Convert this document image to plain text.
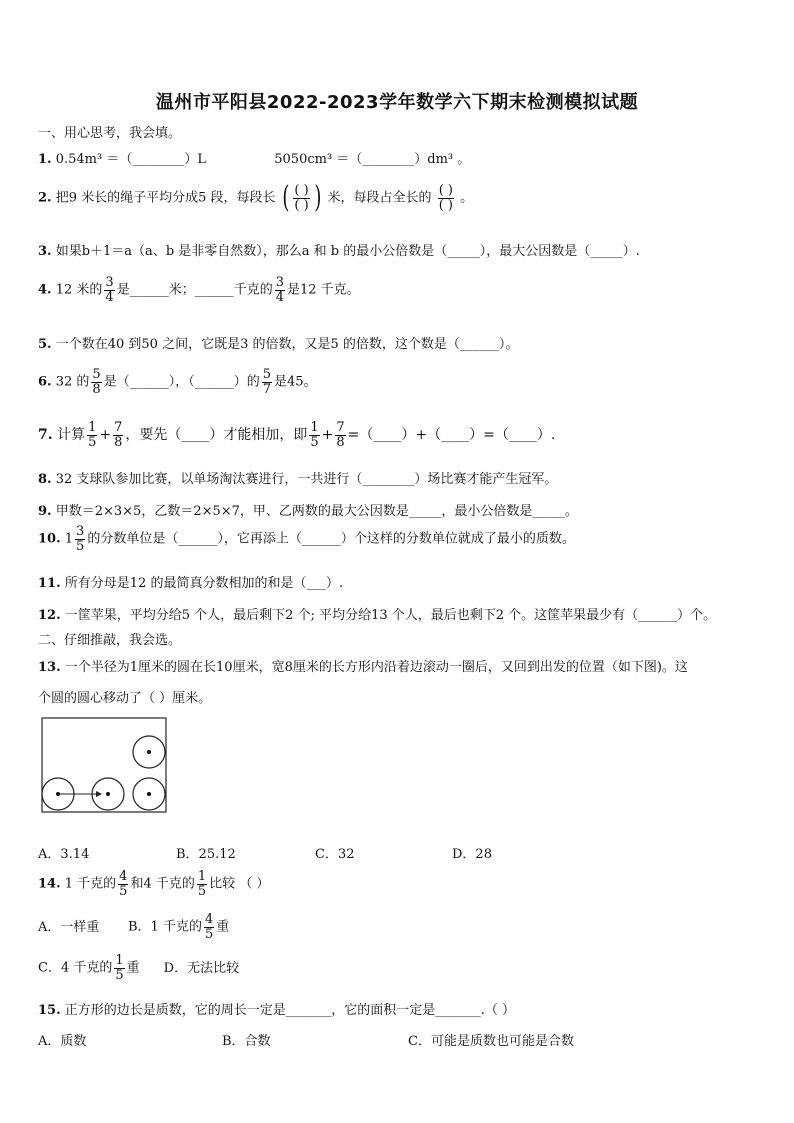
温州市平阳县2022-2023学年数学六下期末检测模拟试题
一、用心思考，我会填。
1. 0.54m³ ＝（________）L	5050cm³ ＝（________）dm³ 。
2. 把9 米长的绳子平均分成5 段，每段长 ( $\frac{( )}{( )}$ ) 米，每段占全长的 $\frac{( )}{( )}$ 。
3. 如果b＋1＝a（a、b 是非零自然数），那么a 和 b 的最小公倍数是（_____），最大公因数是（_____）.
4. 12 米的 $\frac{3}{4}$ 是______米；______千克的 $\frac{3}{4}$ 是12 千克。
5. 一个数在40 到50 之间，它既是3 的倍数，又是5 的倍数，这个数是（______）。
6. 32 的 $\frac{5}{8}$ 是（______），（______）的 $\frac{5}{7}$ 是45。
7. 计算 $\frac{1}{5} + \frac{7}{8}$ ，要先（____）才能相加，即 $\frac{1}{5} + \frac{7}{8}$ =（____）+（____）=（____）.
8. 32 支球队参加比赛，以单场淘汰赛进行，一共进行（________）场比赛才能产生冠军。
9. 甲数＝2×3×5，乙数＝2×5×7，甲、乙两数的最大公因数是_____，最小公倍数是_____。
10. $1 \frac{3}{5}$ 的分数单位是（______），它再添上（______）个这样的分数单位就成了最小的质数。
11. 所有分母是12 的最简真分数相加的和是（___）.
12. 一筐苹果，平均分给5 个人，最后剩下2 个; 平均分给13 个人，最后也剩下2 个。这筐苹果最少有（______）个。
二、仔细推敲，我会选。
13. 一个半径为1厘米的圆在长10厘米，宽8厘米的长方形内沿着边滚动一圈后，又回到出发的位置（如下图)。这
个圆的圆心移动了（ ）厘米。
A．3.14	B．25.12	C．32	D．28
14. 1 千克的 $\frac{4}{5}$ 和4 千克的 $\frac{1}{5}$ 比较 （ ）
A．一样重 B．1 千克的 $\frac{4}{5}$ 重
C．4 千克的 $\frac{1}{5}$ 重 D．无法比较
15. 正方形的边长是质数，它的周长一定是_______，它的面积一定是_______.（ ）
A．质数	B．合数	C．可能是质数也可能是合数
